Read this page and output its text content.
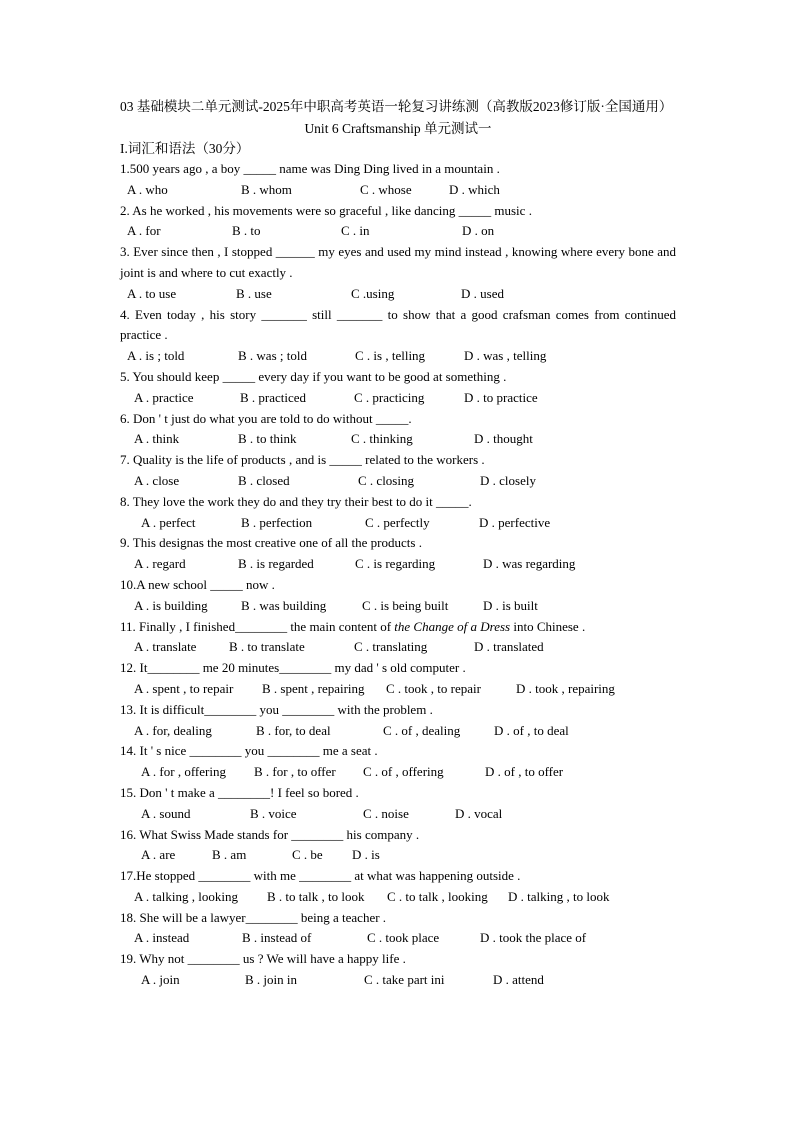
03 基础模块二单元测试-2025年中职高考英语一轮复习讲练测（高教版2023修订版·全国通用）
Unit 6 Craftsmanship 单元测试一
I.词汇和语法（30分）
1.500 years ago , a boy _____ name was Ding Ding lived in a mountain .
A . who	B . whom	C . whose	D . which
2. As he worked , his movements were so graceful , like dancing _____ music .
A . for	B . to	C . in	D . on
3. Ever since then , I stopped ______ my eyes and used my mind instead , knowing where every bone and joint is and where to cut exactly .
A . to use	B . use	C .using	D . used
4. Even today , his story _______ still _______ to show that a good crafsman comes from continued practice .
A . is ; told	B . was ; told	C . is , telling	D . was , telling
5. You should keep _____ every day if you want to be good at something .
A . practice	B . practiced	C . practicing	D . to practice
6. Don ' t just do what you are told to do without _____.
A . think	B . to think	C . thinking	D . thought
7. Quality is the life of products , and is _____ related to the workers .
A . close	B . closed	C . closing	D . closely
8. They love the work they do and they try their best to do it _____.
A . perfect	B . perfection	C . perfectly	D . perfective
9. This designas the most creative one of all the products .
A . regard	B . is regarded	C . is regarding	D . was regarding
10.A new school _____ now .
A . is building	B . was building	C . is being built	D . is built
11. Finally , I finished________ the main content of the Change of a Dress into Chinese .
A . translate	B . to translate	C . translating	D . translated
12. It________ me 20 minutes________ my dad ' s old computer .
A . spent , to repair B . spent , repairing C . took , to repair	D . took , repairing
13. It is difficult________ you ________ with the problem .
A . for, dealing	B . for, to deal	C . of , dealing	D . of , to deal
14. It ' s nice ________ you ________ me a seat .
A . for , offering B . for , to offer C . of , offering	D . of , to offer
15. Don ' t make a ________! I feel so bored .
A . sound	B . voice	C . noise	D . vocal
16. What Swiss Made stands for ________ his company .
A . are	B . am	C . be D . is
17.He stopped ________ with me ________ at what was happening outside .
A . talking , looking B . to talk , to look C . to talk , looking D . talking , to look
18. She will be a lawyer________ being a teacher .
A . instead	B . instead of	C . took place	D . took the place of
19. Why not ________ us ? We will have a happy life .
A . join	B . join in	C . take part ini	D . attend
